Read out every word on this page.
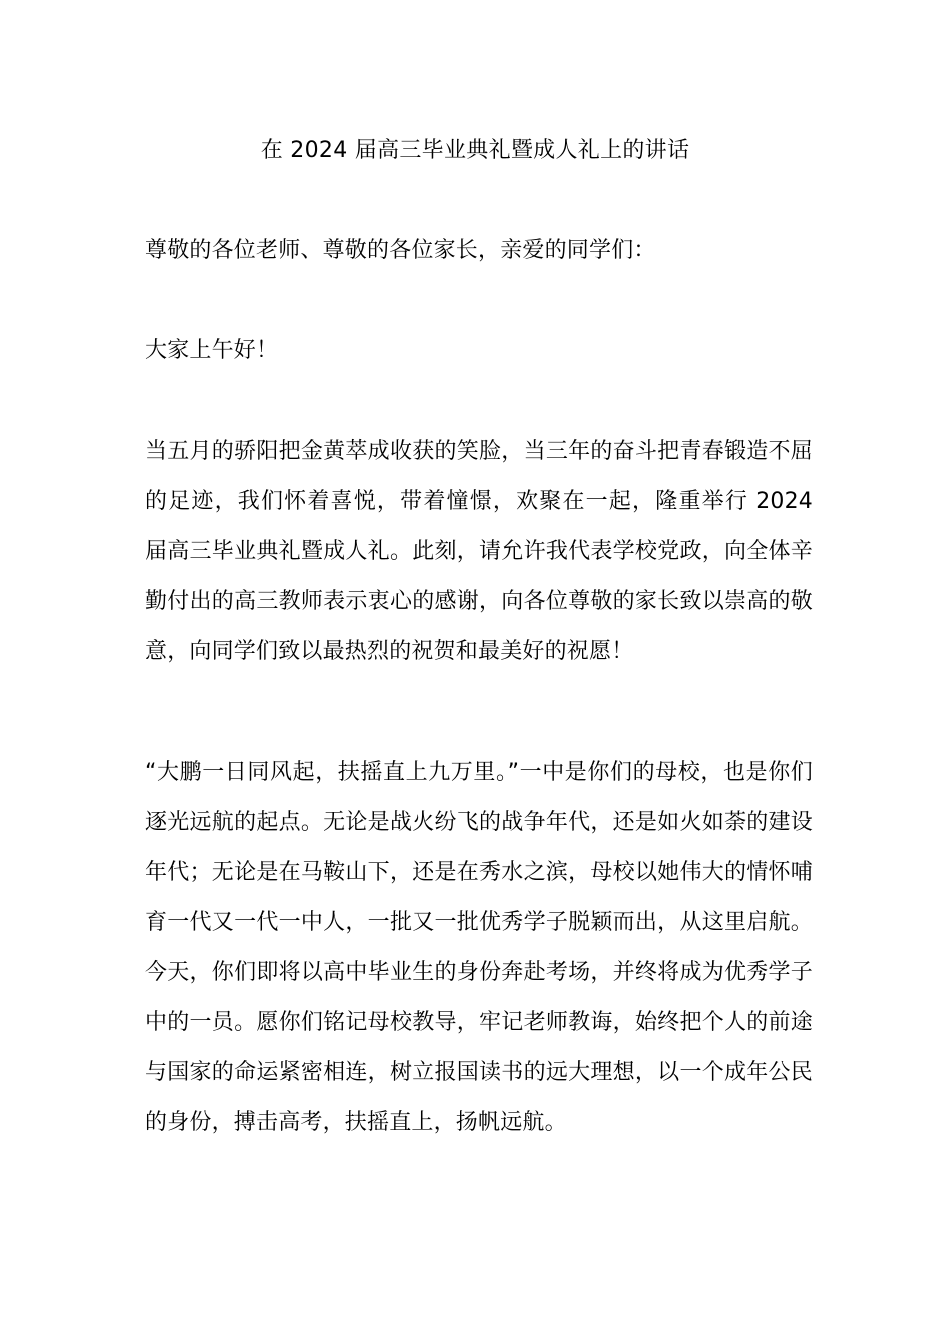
在 2024 届高三毕业典礼暨成人礼上的讲话

尊敬的各位老师、尊敬的各位家长，亲爱的同学们：

大家上午好！

当五月的骄阳把金黄萃成收获的笑脸，当三年的奋斗把青春锻造不屈的足迹，我们怀着喜悦，带着憧憬，欢聚在一起，隆重举行 2024 届高三毕业典礼暨成人礼。此刻，请允许我代表学校党政，向全体辛勤付出的高三教师表示衷心的感谢，向各位尊敬的家长致以崇高的敬意，向同学们致以最热烈的祝贺和最美好的祝愿！

“大鹏一日同风起，扶摇直上九万里。”一中是你们的母校，也是你们逐光远航的起点。无论是战火纷飞的战争年代，还是如火如荼的建设年代；无论是在马鞍山下，还是在秀水之滨，母校以她伟大的情怀哺育一代又一代一中人，一批又一批优秀学子脱颖而出，从这里启航。今天，你们即将以高中毕业生的身份奔赴考场，并终将成为优秀学子中的一员。愿你们铭记母校教导，牢记老师教诲，始终把个人的前途与国家的命运紧密相连，树立报国读书的远大理想，以一个成年公民的身份，搏击高考，扶摇直上，扬帆远航。
